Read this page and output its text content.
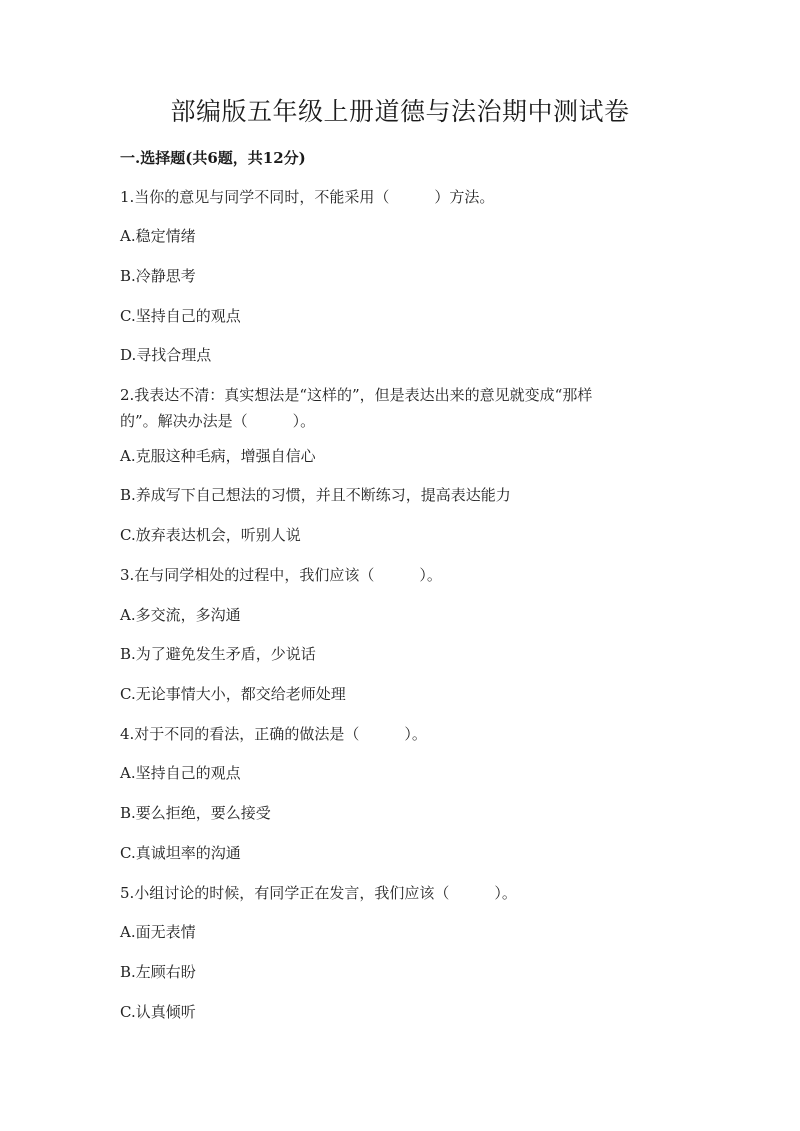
部编版五年级上册道德与法治期中测试卷
一.选择题(共6题，共12分)

1.当你的意见与同学不同时，不能采用（　　　）方法。

A.稳定情绪

B.冷静思考

C.坚持自己的观点

D.寻找合理点

2.我表达不清：真实想法是“这样的”，但是表达出来的意见就变成“那样

的”。解决办法是（　　　）。

A.克服这种毛病，增强自信心

B.养成写下自己想法的习惯，并且不断练习，提高表达能力

C.放弃表达机会，听别人说

3.在与同学相处的过程中，我们应该（　　　）。

A.多交流，多沟通

B.为了避免发生矛盾，少说话

C.无论事情大小，都交给老师处理

4.对于不同的看法，正确的做法是（　　　）。

A.坚持自己的观点

B.要么拒绝，要么接受

C.真诚坦率的沟通

5.小组讨论的时候，有同学正在发言，我们应该（　　　）。

A.面无表情

B.左顾右盼

C.认真倾听
